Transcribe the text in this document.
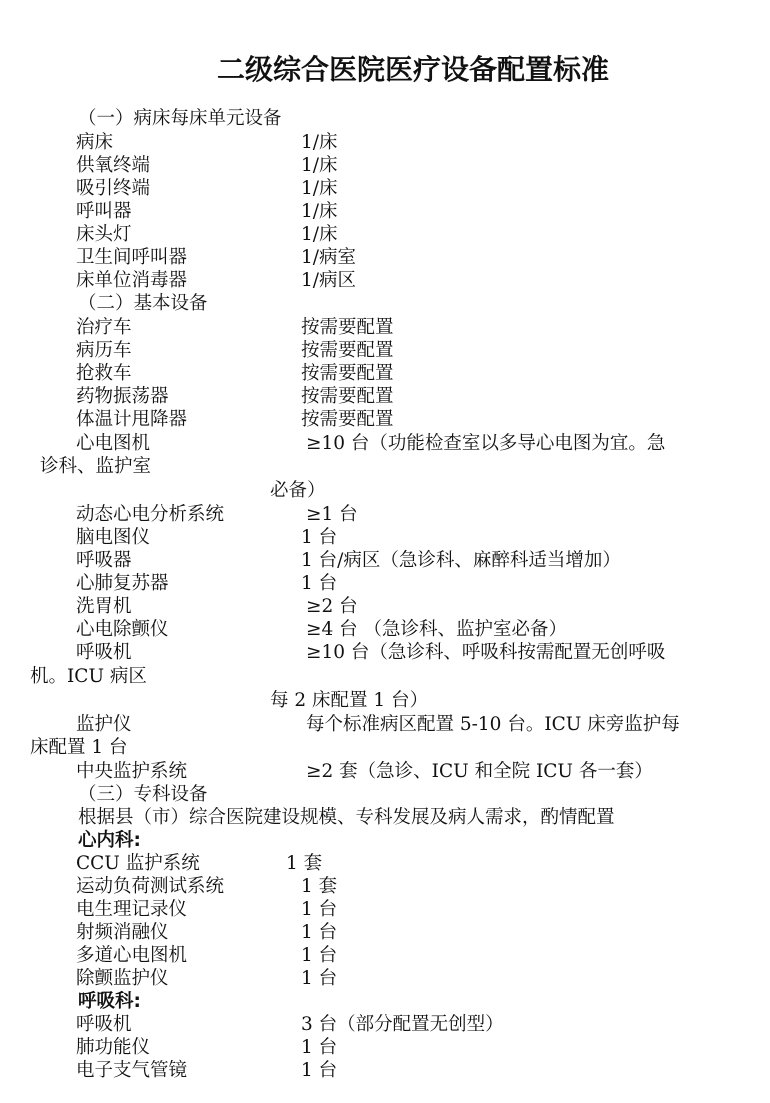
二级综合医院医疗设备配置标准
（一）病床每床单元设备
病床	1/床
供氧终端	1/床
吸引终端	1/床
呼叫器	1/床
床头灯	1/床
卫生间呼叫器	1/病室
床单位消毒器	1/病区
（二）基本设备
治疗车	按需要配置
病历车	按需要配置
抢救车	按需要配置
药物振荡器	按需要配置
体温计甩降器	按需要配置
心电图机	≥10 台（功能检查室以多导心电图为宜。急
诊科、监护室
必备）
动态心电分析系统	≥1 台
脑电图仪	1 台
呼吸器	1 台/病区（急诊科、麻醉科适当增加）
心肺复苏器	1 台
洗胃机	≥2 台
心电除颤仪	≥4 台 （急诊科、监护室必备）
呼吸机	≥10 台（急诊科、呼吸科按需配置无创呼吸
机。ICU 病区
每 2 床配置 1 台）
监护仪	每个标准病区配置 5-10 台。ICU 床旁监护每
床配置 1 台
中央监护系统	≥2 套（急诊、ICU 和全院 ICU 各一套）
（三）专科设备
根据县（市）综合医院建设规模、专科发展及病人需求，酌情配置
心内科:
CCU 监护系统	1 套
运动负荷测试系统	1 套
电生理记录仪	1 台
射频消融仪	1 台
多道心电图机	1 台
除颤监护仪	1 台
呼吸科:
呼吸机	3 台（部分配置无创型）
肺功能仪	1 台
电子支气管镜	1 台
